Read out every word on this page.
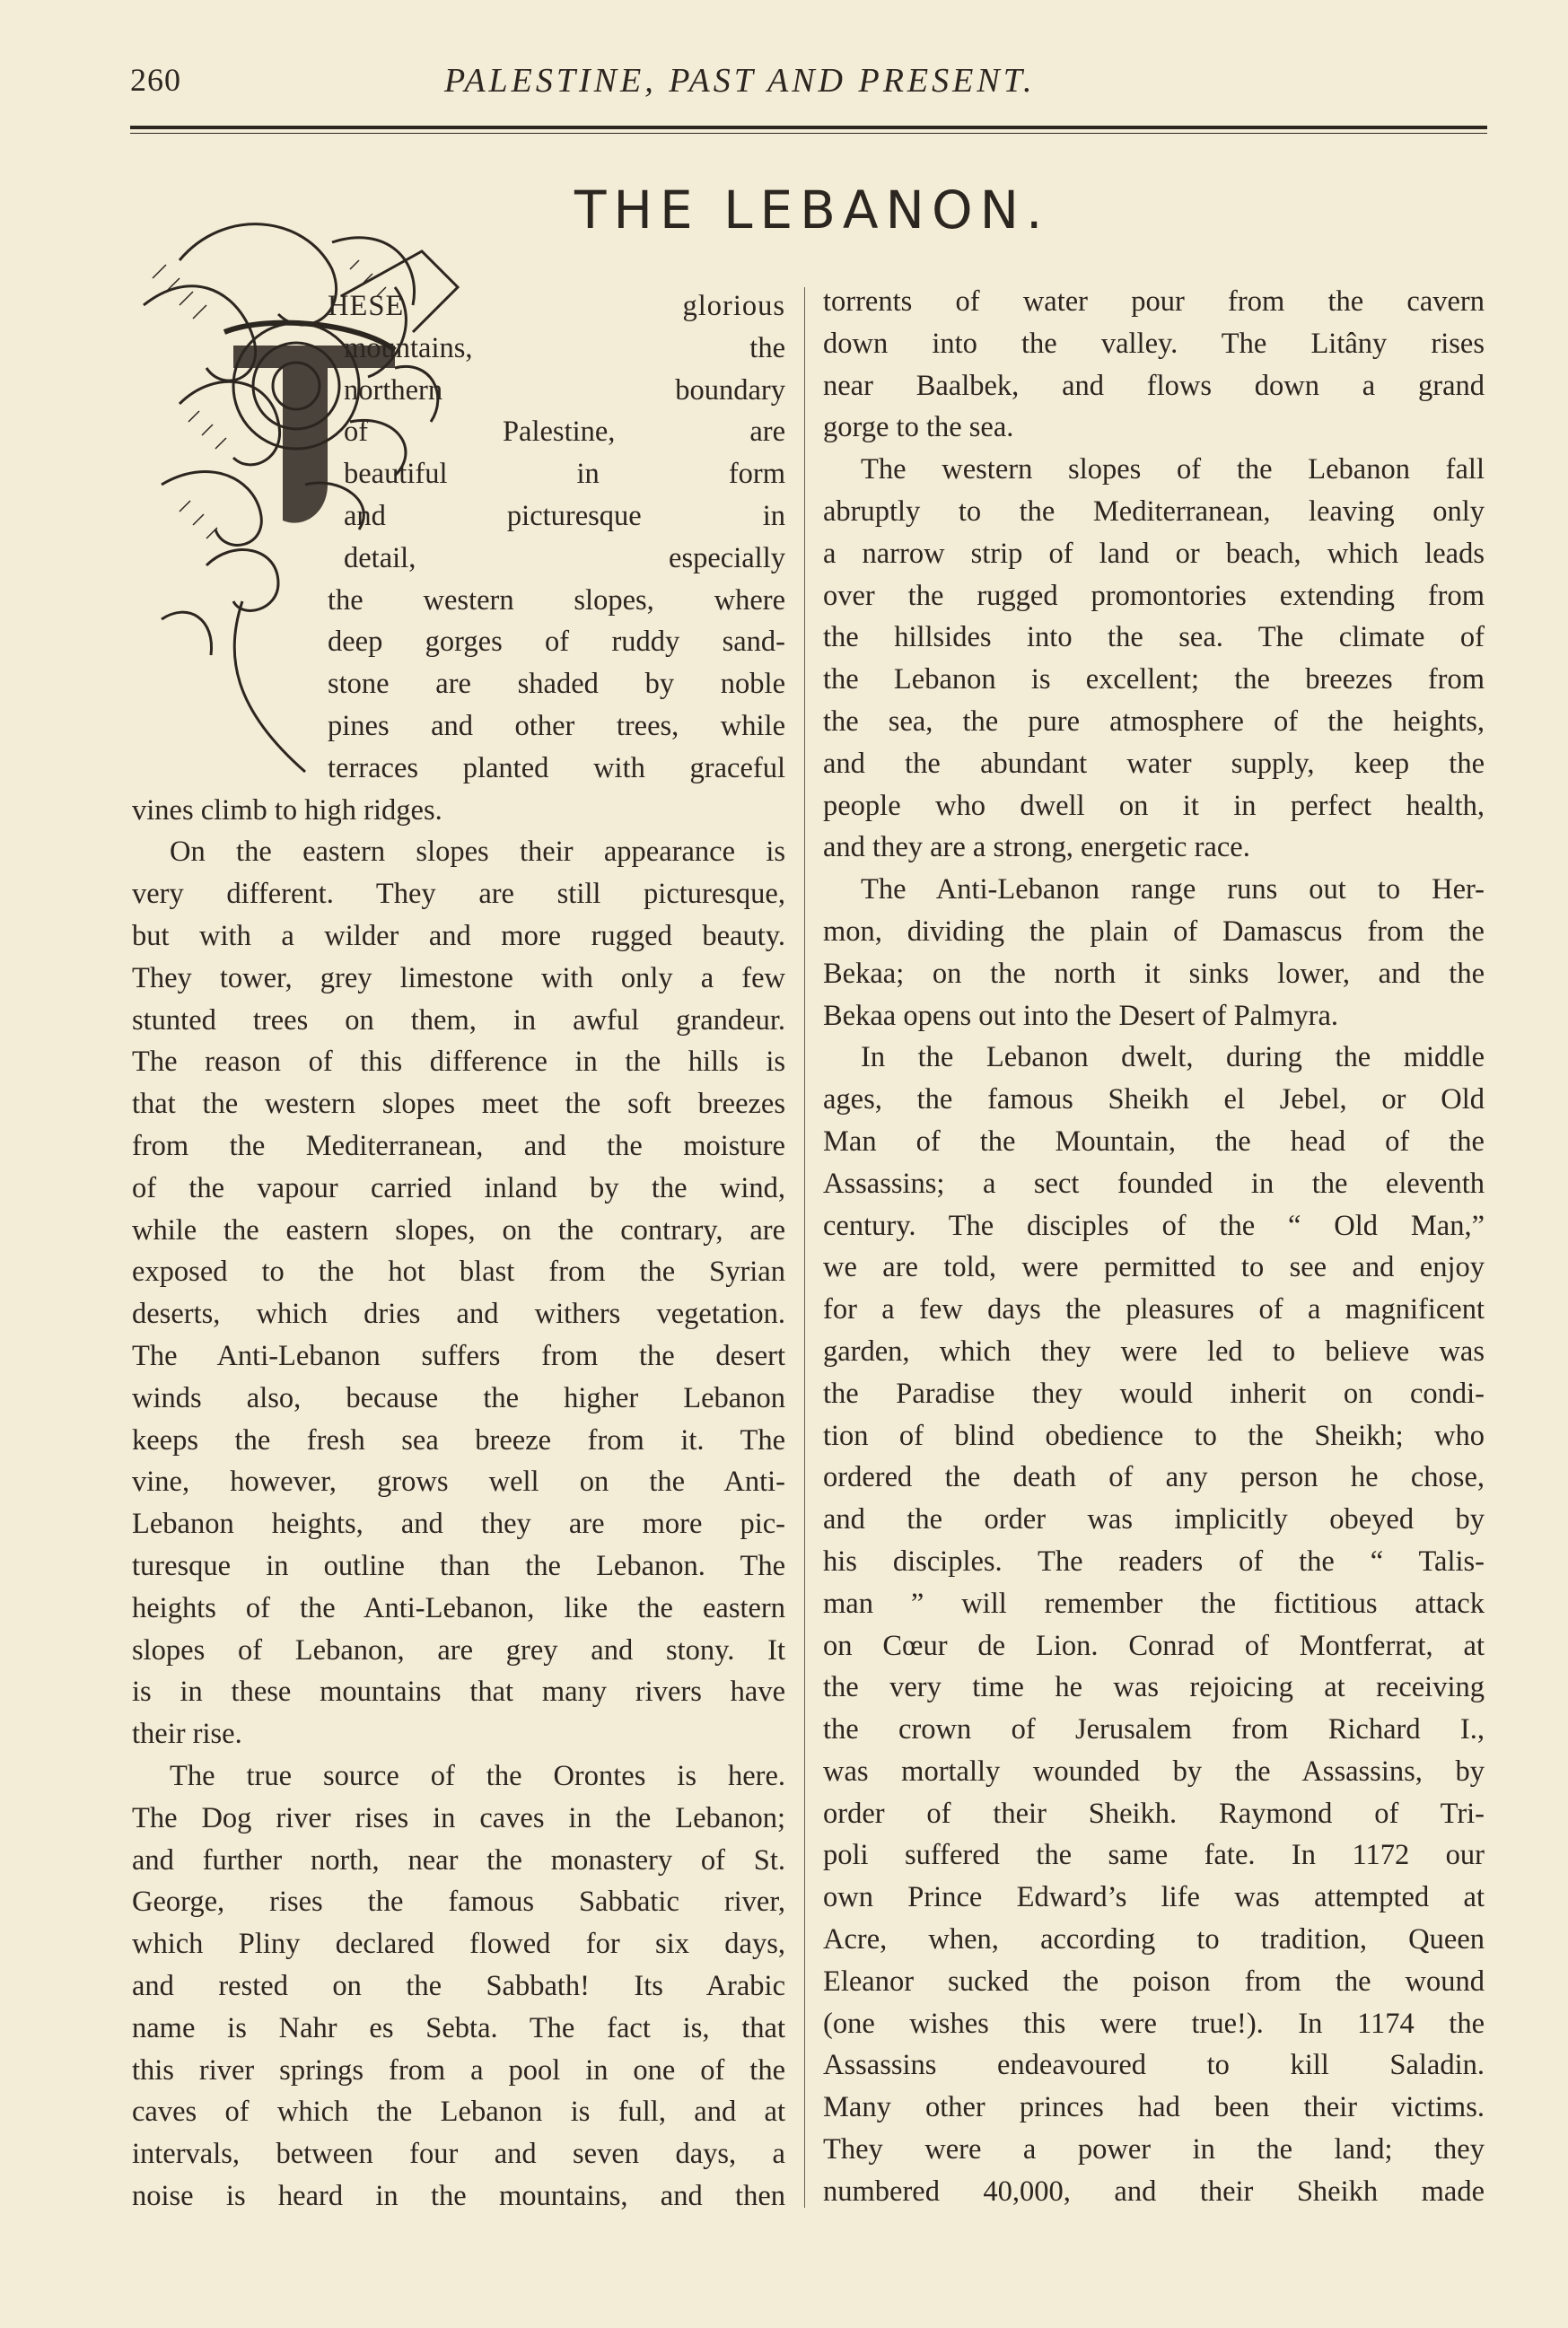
260	PALESTINE, PAST AND PRESENT.
THE LEBANON.
HESE glorious
mountains, the
northern boundary
of Palestine, are
beautiful in form
and picturesque in
detail, especially
the western slopes, where
deep gorges of ruddy sand-
stone are shaded by noble
pines and other trees, while
terraces planted with graceful
vines climb to high ridges.
On the eastern slopes their appearance is
very different. They are still picturesque,
but with a wilder and more rugged beauty.
They tower, grey limestone with only a few
stunted trees on them, in awful grandeur.
The reason of this difference in the hills is
that the western slopes meet the soft breezes
from the Mediterranean, and the moisture
of the vapour carried inland by the wind,
while the eastern slopes, on the contrary, are
exposed to the hot blast from the Syrian
deserts, which dries and withers vegetation.
The Anti-Lebanon suffers from the desert
winds also, because the higher Lebanon
keeps the fresh sea breeze from it. The
vine, however, grows well on the Anti-
Lebanon heights, and they are more pic-
turesque in outline than the Lebanon. The
heights of the Anti-Lebanon, like the eastern
slopes of Lebanon, are grey and stony. It
is in these mountains that many rivers have
their rise.
The true source of the Orontes is here.
The Dog river rises in caves in the Lebanon;
and further north, near the monastery of St.
George, rises the famous Sabbatic river,
which Pliny declared flowed for six days,
and rested on the Sabbath! Its Arabic
name is Nahr es Sebta. The fact is, that
this river springs from a pool in one of the
caves of which the Lebanon is full, and at
intervals, between four and seven days, a
noise is heard in the mountains, and then
torrents of water pour from the cavern
down into the valley. The Litâny rises
near Baalbek, and flows down a grand
gorge to the sea.
The western slopes of the Lebanon fall
abruptly to the Mediterranean, leaving only
a narrow strip of land or beach, which leads
over the rugged promontories extending from
the hillsides into the sea. The climate of
the Lebanon is excellent; the breezes from
the sea, the pure atmosphere of the heights,
and the abundant water supply, keep the
people who dwell on it in perfect health,
and they are a strong, energetic race.
The Anti-Lebanon range runs out to Her-
mon, dividing the plain of Damascus from the
Bekaa; on the north it sinks lower, and the
Bekaa opens out into the Desert of Palmyra.
In the Lebanon dwelt, during the middle
ages, the famous Sheikh el Jebel, or Old
Man of the Mountain, the head of the
Assassins; a sect founded in the eleventh
century. The disciples of the “ Old Man,”
we are told, were permitted to see and enjoy
for a few days the pleasures of a magnificent
garden, which they were led to believe was
the Paradise they would inherit on condi-
tion of blind obedience to the Sheikh; who
ordered the death of any person he chose,
and the order was implicitly obeyed by
his disciples. The readers of the “ Talis-
man ” will remember the fictitious attack
on Cœur de Lion. Conrad of Montferrat, at
the very time he was rejoicing at receiving
the crown of Jerusalem from Richard I.,
was mortally wounded by the Assassins, by
order of their Sheikh. Raymond of Tri-
poli suffered the same fate. In 1172 our
own Prince Edward’s life was attempted at
Acre, when, according to tradition, Queen
Eleanor sucked the poison from the wound
(one wishes this were true!). In 1174 the
Assassins endeavoured to kill Saladin.
Many other princes had been their victims.
They were a power in the land; they
numbered 40,000, and their Sheikh made
